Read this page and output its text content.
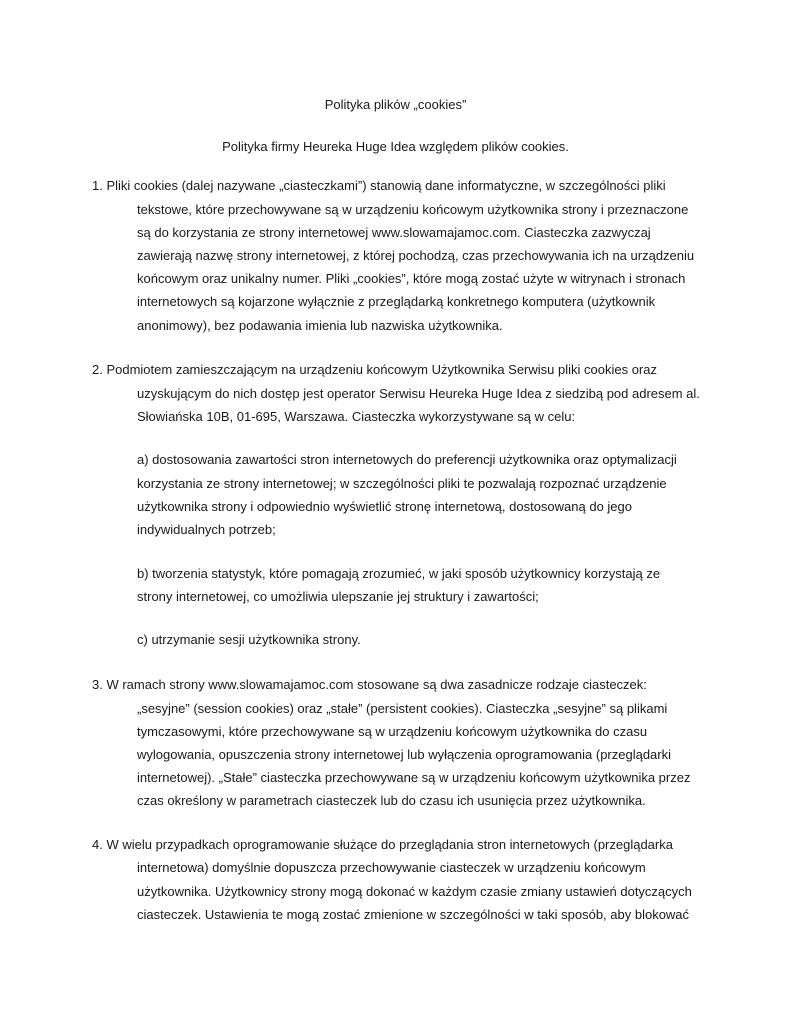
Polityka plików „cookies”
Polityka firmy Heureka Huge Idea względem plików cookies.
1. Pliki cookies (dalej nazywane „ciasteczkami”) stanowią dane informatyczne, w szczególności pliki
tekstowe, które przechowywane są w urządzeniu końcowym użytkownika strony i przeznaczone
są do korzystania ze strony internetowej www.slowamajamoc.com. Ciasteczka zazwyczaj
zawierają nazwę strony internetowej, z której pochodzą, czas przechowywania ich na urządzeniu
końcowym oraz unikalny numer. Pliki „cookies”, które mogą zostać użyte w witrynach i stronach
internetowych są kojarzone wyłącznie z przeglądarką konkretnego komputera (użytkownik
anonimowy), bez podawania imienia lub nazwiska użytkownika.
2. Podmiotem zamieszczającym na urządzeniu końcowym Użytkownika Serwisu pliki cookies oraz
uzyskującym do nich dostęp jest operator Serwisu Heureka Huge Idea z siedzibą pod adresem al.
Słowiańska 10B, 01-695, Warszawa. Ciasteczka wykorzystywane są w celu:
a) dostosowania zawartości stron internetowych do preferencji użytkownika oraz optymalizacji
korzystania ze strony internetowej; w szczególności pliki te pozwalają rozpoznać urządzenie
użytkownika strony i odpowiednio wyświetlić stronę internetową, dostosowaną do jego
indywidualnych potrzeb;
b) tworzenia statystyk, które pomagają zrozumieć, w jaki sposób użytkownicy korzystają ze
strony internetowej, co umożliwia ulepszanie jej struktury i zawartości;
c) utrzymanie sesji użytkownika strony.
3. W ramach strony www.slowamajamoc.com stosowane są dwa zasadnicze rodzaje ciasteczek:
„sesyjne” (session cookies) oraz „stałe” (persistent cookies). Ciasteczka „sesyjne” są plikami
tymczasowymi, które przechowywane są w urządzeniu końcowym użytkownika do czasu
wylogowania, opuszczenia strony internetowej lub wyłączenia oprogramowania (przeglądarki
internetowej). „Stałe” ciasteczka przechowywane są w urządzeniu końcowym użytkownika przez
czas określony w parametrach ciasteczek lub do czasu ich usunięcia przez użytkownika.
4. W wielu przypadkach oprogramowanie służące do przeglądania stron internetowych (przeglądarka
internetowa) domyślnie dopuszcza przechowywanie ciasteczek w urządzeniu końcowym
użytkownika. Użytkownicy strony mogą dokonać w każdym czasie zmiany ustawień dotyczących
ciasteczek. Ustawienia te mogą zostać zmienione w szczególności w taki sposób, aby blokować
